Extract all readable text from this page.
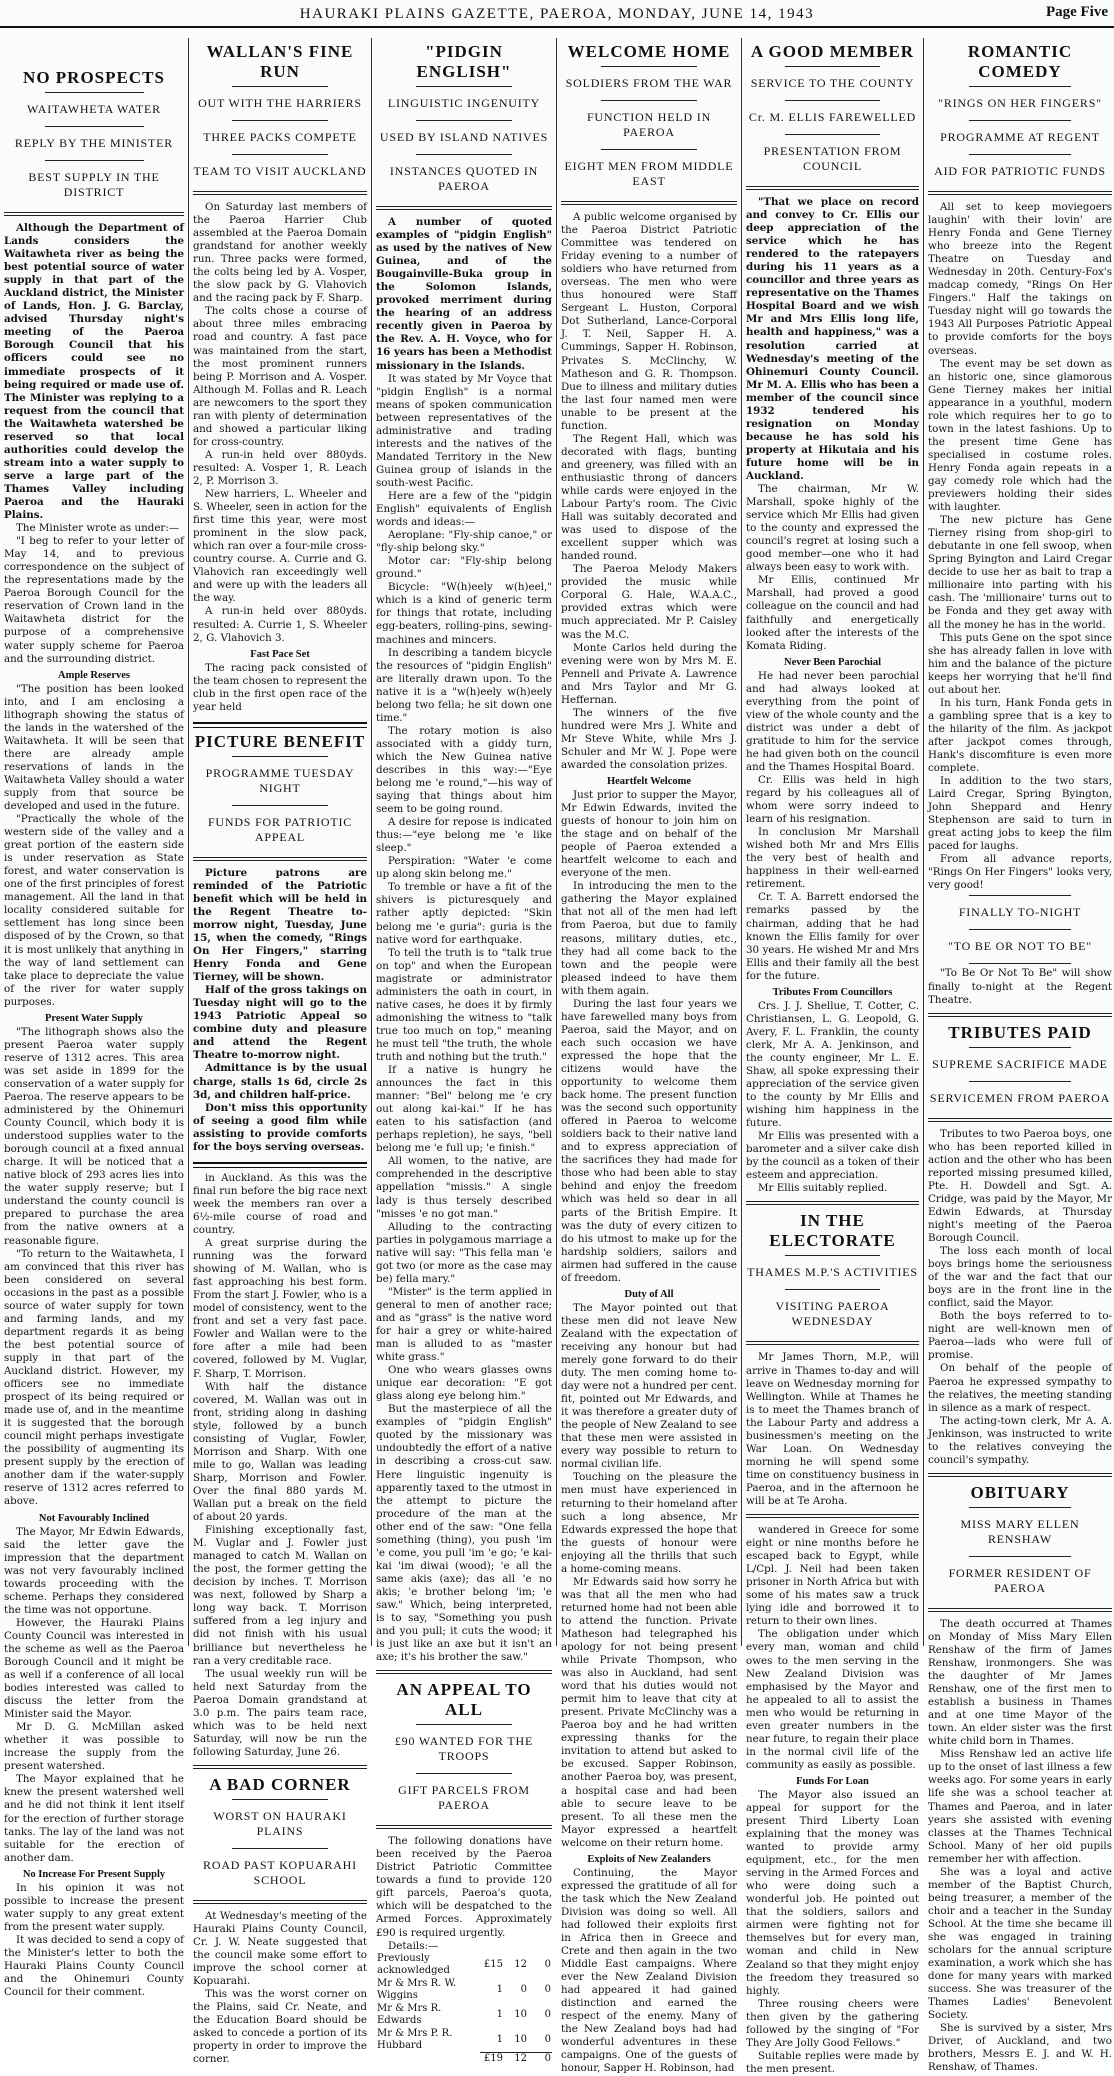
HAURAKI PLAINS GAZETTE, PAEROA, MONDAY, JUNE 14, 1943	Page Five
NO PROSPECTS
WAITAWHETA WATER
REPLY BY THE MINISTER
BEST SUPPLY IN THE DISTRICT

Although the Department of Lands considers the Waitawheta river as being the best potential source of water supply in that part of the Auckland district, the Minister of Lands, Hon. J. G. Barclay, advised Thursday night's meeting of the Paeroa Borough Council that his officers could see no immediate prospects of it being required or made use of. The Minister was replying to a request from the council that the Waitawheta watershed be reserved so that local authorities could develop the stream into a water supply to serve a large part of the Thames Valley including Paeroa and the Hauraki Plains.

The Minister wrote as under:—

"I beg to refer to your letter of May 14, and to previous correspondence on the subject of the representations made by the Paeroa Borough Council for the reservation of Crown land in the Waitawheta district for the purpose of a comprehensive water supply scheme for Paeroa and the surrounding district.

Ample Reserves

"The position has been looked into, and I am enclosing a lithograph showing the status of the lands in the watershed of the Waitawheta. It will be seen that there are already ample reservations of lands in the Waitawheta Valley should a water supply from that source be developed and used in the future.

"Practically the whole of the western side of the valley and a great portion of the eastern side is under reservation as State forest, and water conservation is one of the first principles of forest management. All the land in that locality considered suitable for settlement has long since been disposed of by the Crown, so that it is most unlikely that anything in the way of land settlement can take place to depreciate the value of the river for water supply purposes.

Present Water Supply

"The lithograph shows also the present Paeroa water supply reserve of 1312 acres. This area was set aside in 1899 for the conservation of a water supply for Paeroa. The reserve appears to be administered by the Ohinemuri County Council, which body it is understood supplies water to the borough council at a fixed annual charge. It will be noticed that a native block of 293 acres lies into the water supply reserve; but I understand the county council is prepared to purchase the area from the native owners at a reasonable figure.

"To return to the Waitawheta, I am convinced that this river has been considered on several occasions in the past as a possible source of water supply for town and farming lands, and my department regards it as being the best potential source of supply in that part of the Auckland district. However, my officers see no immediate prospect of its being required or made use of, and in the meantime it is suggested that the borough council might perhaps investigate the possibility of augmenting its present supply by the erection of another dam if the water-supply reserve of 1312 acres referred to above.

Not Favourably Inclined

The Mayor, Mr Edwin Edwards, said the letter gave the impression that the department was not very favourably inclined towards proceeding with the scheme. Perhaps they considered the time was not opportune.

However, the Hauraki Plains County Council was interested in the scheme as well as the Paeroa Borough Council and it might be as well if a conference of all local bodies interested was called to discuss the letter from the Minister said the Mayor.

Mr D. G. McMillan asked whether it was possible to increase the supply from the present watershed.

The Mayor explained that he knew the present watershed well and he did not think it lent itself for the erection of further storage tanks. The lay of the land was not suitable for the erection of another dam.

No Increase For Present Supply

In his opinion it was not possible to increase the present water supply to any great extent from the present water supply.

It was decided to send a copy of the Minister's letter to both the Hauraki Plains County Council and the Ohinemuri County Council for their comment.

WALLAN'S FINE RUN
OUT WITH THE HARRIERS
THREE PACKS COMPETE
TEAM TO VISIT AUCKLAND

On Saturday last members of the Paeroa Harrier Club assembled at the Paeroa Domain grandstand for another weekly run. Three packs were formed, the colts being led by A. Vosper, the slow pack by G. Vlahovich and the racing pack by F. Sharp.

The colts chose a course of about three miles embracing road and country. A fast pace was maintained from the start, the most prominent runners being P. Morrison and A. Vosper. Although M. Follas and R. Leach are newcomers to the sport they ran with plenty of determination and showed a particular liking for cross-country.

A run-in held over 880yds. resulted: A. Vosper 1, R. Leach 2, P. Morrison 3.

New harriers, L. Wheeler and S. Wheeler, seen in action for the first time this year, were most prominent in the slow pack, which ran over a four-mile cross-country course. A. Currie and G. Vlahovich ran exceedingly well and were up with the leaders all the way.

A run-in held over 880yds. resulted: A. Currie 1, S. Wheeler 2, G. Vlahovich 3.

Fast Pace Set

The racing pack consisted of the team chosen to represent the club in the first open race of the year held

PICTURE BENEFIT
PROGRAMME TUESDAY NIGHT
FUNDS FOR PATRIOTIC APPEAL

Picture patrons are reminded of the Patriotic benefit which will be held in the Regent Theatre to-morrow night, Tuesday, June 15, when the comedy, "Rings On Her Fingers," starring Henry Fonda and Gene Tierney, will be shown.

Half of the gross takings on Tuesday night will go to the 1943 Patriotic Appeal so combine duty and pleasure and attend the Regent Theatre to-morrow night.

Admittance is by the usual charge, stalls 1s 6d, circle 2s 3d, and children half-price.

Don't miss this opportunity of seeing a good film while assisting to provide comforts for the boys serving overseas.

in Auckland. As this was the final run before the big race next week the members ran over a 6½-mile course of road and country.

A great surprise during the running was the forward showing of M. Wallan, who is fast approaching his best form. From the start J. Fowler, who is a model of consistency, went to the front and set a very fast pace. Fowler and Wallan were to the fore after a mile had been covered, followed by M. Vuglar, F. Sharp, T. Morrison.

With half the distance covered, M. Wallan was out in front, striding along in dashing style, followed by a bunch consisting of Vuglar, Fowler, Morrison and Sharp. With one mile to go, Wallan was leading Sharp, Morrison and Fowler. Over the final 880 yards M. Wallan put a break on the field of about 20 yards.

Finishing exceptionally fast, M. Vuglar and J. Fowler just managed to catch M. Wallan on the post, the former getting the decision by inches. T. Morrison was next, followed by Sharp a long way back. T. Morrison suffered from a leg injury and did not finish with his usual brilliance but nevertheless he ran a very creditable race.

The usual weekly run will be held next Saturday from the Paeroa Domain grandstand at 3.0 p.m. The pairs team race, which was to be held next Saturday, will now be run the following Saturday, June 26.

A BAD CORNER
WORST ON HAURAKI PLAINS
ROAD PAST KOPUARAHI SCHOOL

At Wednesday's meeting of the Hauraki Plains County Council, Cr. J. W. Neate suggested that the council make some effort to improve the school corner at Kopuarahi.

This was the worst corner on the Plains, said Cr. Neate, and the Education Board should be asked to concede a portion of its property in order to improve the corner.

"PIDGIN ENGLISH"
LINGUISTIC INGENUITY
USED BY ISLAND NATIVES
INSTANCES QUOTED IN PAEROA

A number of quoted examples of "pidgin English" as used by the natives of New Guinea, and of the Bougainville-Buka group in the Solomon Islands, provoked merriment during the hearing of an address recently given in Paeroa by the Rev. A. H. Voyce, who for 16 years has been a Methodist missionary in the Islands.

It was stated by Mr Voyce that "pidgin English" is a normal means of spoken communication between representatives of the administrative and trading interests and the natives of the Mandated Territory in the New Guinea group of islands in the south-west Pacific.

Here are a few of the "pidgin English" equivalents of English words and ideas:—

Aeroplane: "Fly-ship canoe," or "fly-ship belong sky."

Motor car: "Fly-ship belong ground."

Bicycle: "W(h)eely w(h)eel," which is a kind of generic term for things that rotate, including egg-beaters, rolling-pins, sewing-machines and mincers.

In describing a tandem bicycle the resources of "pidgin English" are literally drawn upon. To the native it is a "w(h)eely w(h)eely belong two fella; he sit down one time."

The rotary motion is also associated with a giddy turn, which the New Guinea native describes in this way:—"Eye belong me 'e round,"—his way of saying that things about him seem to be going round.

A desire for repose is indicated thus:—"eye belong me 'e like sleep."

Perspiration: "Water 'e come up along skin belong me."

To tremble or have a fit of the shivers is picturesquely and rather aptly depicted: "Skin belong me 'e guria": guria is the native word for earthquake.

To tell the truth is to "talk true on top" and when the European magistrate or administrator administers the oath in court, in native cases, he does it by firmly admonishing the witness to "talk true too much on top," meaning he must tell "the truth, the whole truth and nothing but the truth."

If a native is hungry he announces the fact in this manner: "Bel" belong me 'e cry out along kai-kai." If he has eaten to his satisfaction (and perhaps repletion), he says, "bell belong me 'e full up; 'e finish."

All women, to the native, are comprehended in the descriptive appellation "missis." A single lady is thus tersely described "misses 'e no got man."

Alluding to the contracting parties in polygamous marriage a native will say: "This fella man 'e got two (or more as the case may be) fella mary."

"Mister" is the term applied in general to men of another race; and as "grass" is the native word for hair a grey or white-haired man is alluded to as "master white grass."

One who wears glasses owns unique ear decoration: "E got glass along eye belong him."

But the masterpiece of all the examples of "pidgin English" quoted by the missionary was undoubtedly the effort of a native in describing a cross-cut saw. Here linguistic ingenuity is apparently taxed to the utmost in the attempt to picture the procedure of the man at the other end of the saw: "One fella something (thing), you push 'im 'e come, you pull 'im 'e go; 'e kai-kai 'im diwai (wood); 'e all the same akis (axe); das all 'e no akis; 'e brother belong 'im; 'e saw." Which, being interpreted, is to say, "Something you push and you pull; it cuts the wood; it is just like an axe but it isn't an axe; it's his brother the saw."

AN APPEAL TO ALL
£90 WANTED FOR THE TROOPS
GIFT PARCELS FROM PAEROA

The following donations have been received by the Paeroa District Patriotic Committee towards a fund to provide 120 gift parcels, Paeroa's quota, which will be despatched to the Armed Forces. Approximately £90 is required urgently.

Details:—

Previously acknowledged	£15	12	0
Mr & Mrs R. W. Wiggins	1	0	0
Mr & Mrs R. Edwards	1	10	0
Mr & Mrs P. R. Hubbard	1	10	0
	£19	12	0
WELCOME HOME
SOLDIERS FROM THE WAR
FUNCTION HELD IN PAEROA
EIGHT MEN FROM MIDDLE EAST

A public welcome organised by the Paeroa District Patriotic Committee was tendered on Friday evening to a number of soldiers who have returned from overseas. The men who were thus honoured were Staff Sergeant L. Huston, Corporal Dot Sutherland, Lance-Corporal J. T. Neil, Sapper H. A. Cummings, Sapper H. Robinson, Privates S. McClinchy, W. Matheson and G. R. Thompson. Due to illness and military duties the last four named men were unable to be present at the function.

The Regent Hall, which was decorated with flags, bunting and greenery, was filled with an enthusiastic throng of dancers while cards were enjoyed in the Labour Party's room. The Civic Hall was suitably decorated and was used to dispose of the excellent supper which was handed round.

The Paeroa Melody Makers provided the music while Corporal G. Hale, W.A.A.C., provided extras which were much appreciated. Mr P. Caisley was the M.C.

Monte Carlos held during the evening were won by Mrs M. E. Pennell and Private A. Lawrence and Mrs Taylor and Mr G. Heffernan.

The winners of the five hundred were Mrs J. White and Mr Steve White, while Mrs J. Schuler and Mr W. J. Pope were awarded the consolation prizes.

Heartfelt Welcome

Just prior to supper the Mayor, Mr Edwin Edwards, invited the guests of honour to join him on the stage and on behalf of the people of Paeroa extended a heartfelt welcome to each and everyone of the men.

In introducing the men to the gathering the Mayor explained that not all of the men had left from Paeroa, but due to family reasons, military duties, etc., they had all come back to the town and the people were pleased indeed to have them with them again.

During the last four years we have farewelled many boys from Paeroa, said the Mayor, and on each such occasion we have expressed the hope that the citizens would have the opportunity to welcome them back home. The present function was the second such opportunity offered in Paeroa to welcome soldiers back to their native land and to express appreciation of the sacrifices they had made for those who had been able to stay behind and enjoy the freedom which was held so dear in all parts of the British Empire. It was the duty of every citizen to do his utmost to make up for the hardship soldiers, sailors and airmen had suffered in the cause of freedom.

Duty of All

The Mayor pointed out that these men did not leave New Zealand with the expectation of receiving any honour but had merely gone forward to do their duty. The men coming home to-day were not a hundred per cent. fit, pointed out Mr Edwards, and it was therefore a greater duty of the people of New Zealand to see that these men were assisted in every way possible to return to normal civilian life.

Touching on the pleasure the men must have experienced in returning to their homeland after such a long absence, Mr Edwards expressed the hope that the guests of honour were enjoying all the thrills that such a home-coming means.

Mr Edwards said how sorry he was that all the men who had returned home had not been able to attend the function. Private Matheson had telegraphed his apology for not being present while Private Thompson, who was also in Auckland, had sent word that his duties would not permit him to leave that city at present. Private McClinchy was a Paeroa boy and he had written expressing thanks for the invitation to attend but asked to be excused. Sapper Robinson, another Paeroa boy, was present, a hospital case and had been able to secure leave to be present. To all these men the Mayor expressed a heartfelt welcome on their return home.

Exploits of New Zealanders

Continuing, the Mayor expressed the gratitude of all for the task which the New Zealand Division was doing so well. All had followed their exploits first in Africa then in Greece and Crete and then again in the two Middle East campaigns. Where ever the New Zealand Division had appeared it had gained distinction and earned the respect of the enemy. Many of the New Zealand boys had had wonderful adventures in these campaigns. One of the guests of honour, Sapper H. Robinson, had

A GOOD MEMBER
SERVICE TO THE COUNTY
Cr. M. ELLIS FAREWELLED
PRESENTATION FROM COUNCIL

"That we place on record and convey to Cr. Ellis our deep appreciation of the service which he has rendered to the ratepayers during his 11 years as a councillor and three years as representative on the Thames Hospital Board and we wish Mr and Mrs Ellis long life, health and happiness," was a resolution carried at Wednesday's meeting of the Ohinemuri County Council. Mr M. A. Ellis who has been a member of the council since 1932 tendered his resignation on Monday because he has sold his property at Hikutaia and his future home will be in Auckland.

The chairman, Mr W. Marshall, spoke highly of the service which Mr Ellis had given to the county and expressed the council's regret at losing such a good member—one who it had always been easy to work with.

Mr Ellis, continued Mr Marshall, had proved a good colleague on the council and had faithfully and energetically looked after the interests of the Komata Riding.

Never Been Parochial

He had never been parochial and had always looked at everything from the point of view of the whole county and the district was under a debt of gratitude to him for the service he had given both on the council and the Thames Hospital Board.

Cr. Ellis was held in high regard by his colleagues all of whom were sorry indeed to learn of his resignation.

In conclusion Mr Marshall wished both Mr and Mrs Ellis the very best of health and happiness in their well-earned retirement.

Cr. T. A. Barrett endorsed the remarks passed by the chairman, adding that he had known the Ellis family for over 30 years. He wished Mr and Mrs Ellis and their family all the best for the future.

Tributes From Councillors

Crs. J. J. Shellue, T. Cotter, C. Christiansen, L. G. Leopold, G. Avery, F. L. Franklin, the county clerk, Mr A. A. Jenkinson, and the county engineer, Mr L. E. Shaw, all spoke expressing their appreciation of the service given to the county by Mr Ellis and wishing him happiness in the future.

Mr Ellis was presented with a barometer and a silver cake dish by the council as a token of their esteem and appreciation.

Mr Ellis suitably replied.

IN THE ELECTORATE
THAMES M.P.'S ACTIVITIES
VISITING PAEROA WEDNESDAY

Mr James Thorn, M.P., will arrive in Thames to-day and will leave on Wednesday morning for Wellington. While at Thames he is to meet the Thames branch of the Labour Party and address a businessmen's meeting on the War Loan. On Wednesday morning he will spend some time on constituency business in Paeroa, and in the afternoon he will be at Te Aroha.

wandered in Greece for some eight or nine months before he escaped back to Egypt, while L/Cpl. J. Neil had been taken prisoner in North Africa but with some of his mates saw a truck lying idle and borrowed it to return to their own lines.

The obligation under which every man, woman and child owes to the men serving in the New Zealand Division was emphasised by the Mayor and he appealed to all to assist the men who would be returning in even greater numbers in the near future, to regain their place in the normal civil life of the community as easily as possible.

Funds For Loan

The Mayor also issued an appeal for support for the present Third Liberty Loan explaining that the money was wanted to provide army equipment, etc., for the men serving in the Armed Forces and who were doing such a wonderful job. He pointed out that the soldiers, sailors and airmen were fighting not for themselves but for every man, woman and child in New Zealand so that they might enjoy the freedom they treasured so highly.

Three rousing cheers were then given by the gathering followed by the singing of "For They Are Jolly Good Fellows."

Suitable replies were made by the men present.

ROMANTIC COMEDY
"RINGS ON HER FINGERS"
PROGRAMME AT REGENT
AID FOR PATRIOTIC FUNDS

All set to keep moviegoers laughin' with their lovin' are Henry Fonda and Gene Tierney who breeze into the Regent Theatre on Tuesday and Wednesday in 20th. Century-Fox's madcap comedy, "Rings On Her Fingers." Half the takings on Tuesday night will go towards the 1943 All Purposes Patriotic Appeal to provide comforts for the boys overseas.

The event may be set down as an historic one, since glamorous Gene Tierney makes her initial appearance in a youthful, modern role which requires her to go to town in the latest fashions. Up to the present time Gene has specialised in costume roles. Henry Fonda again repeats in a gay comedy role which had the previewers holding their sides with laughter.

The new picture has Gene Tierney rising from shop-girl to debutante in one fell swoop, when Spring Byington and Laird Cregar decide to use her as bait to trap a millionaire into parting with his cash. The 'millionaire' turns out to be Fonda and they get away with all the money he has in the world.

This puts Gene on the spot since she has already fallen in love with him and the balance of the picture keeps her worrying that he'll find out about her.

In his turn, Hank Fonda gets in a gambling spree that is a key to the hilarity of the film. As jackpot after jackpot comes through, Hank's discomfiture is even more complete.

In addition to the two stars, Laird Cregar, Spring Byington, John Sheppard and Henry Stephenson are said to turn in great acting jobs to keep the film paced for laughs.

From all advance reports, "Rings On Her Fingers" looks very, very good!

FINALLY TO-NIGHT
"TO BE OR NOT TO BE"

"To Be Or Not To Be" will show finally to-night at the Regent Theatre.

TRIBUTES PAID
SUPREME SACRIFICE MADE
SERVICEMEN FROM PAEROA

Tributes to two Paeroa boys, one who has been reported killed in action and the other who has been reported missing presumed killed, Pte. H. Dowdell and Sgt. A. Cridge, was paid by the Mayor, Mr Edwin Edwards, at Thursday night's meeting of the Paeroa Borough Council.

The loss each month of local boys brings home the seriousness of the war and the fact that our boys are in the front line in the conflict, said the Mayor.

Both the boys referred to to-night are well-known men of Paeroa—lads who were full of promise.

On behalf of the people of Paeroa he expressed sympathy to the relatives, the meeting standing in silence as a mark of respect.

The acting-town clerk, Mr A. A. Jenkinson, was instructed to write to the relatives conveying the council's sympathy.

OBITUARY
MISS MARY ELLEN RENSHAW
FORMER RESIDENT OF PAEROA

The death occurred at Thames on Monday of Miss Mary Ellen Renshaw of the firm of James Renshaw, ironmongers. She was the daughter of Mr James Renshaw, one of the first men to establish a business in Thames and at one time Mayor of the town. An elder sister was the first white child born in Thames.

Miss Renshaw led an active life up to the onset of last illness a few weeks ago. For some years in early life she was a school teacher at Thames and Paeroa, and in later years she assisted with evening classes at the Thames Technical School. Many of her old pupils remember her with affection.

She was a loyal and active member of the Baptist Church, being treasurer, a member of the choir and a teacher in the Sunday School. At the time she became ill she was engaged in training scholars for the annual scripture examination, a work which she has done for many years with marked success. She was treasurer of the Thames Ladies' Benevolent Society.

She is survived by a sister, Mrs Driver, of Auckland, and two brothers, Messrs E. J. and W. H. Renshaw, of Thames.
